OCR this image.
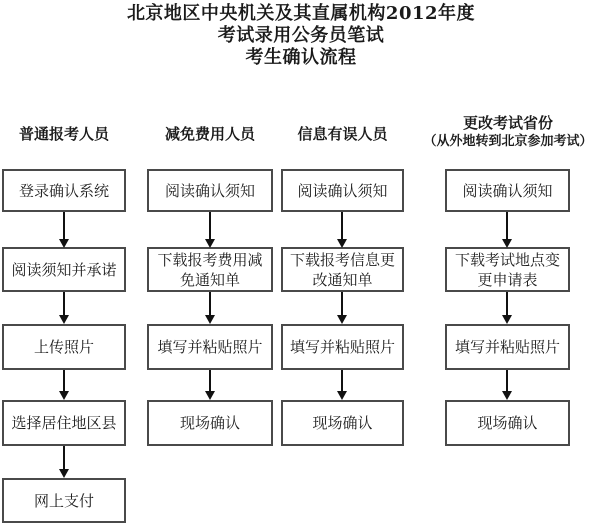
北京地区中央机关及其直属机构2012年度
考试录用公务员笔试
考生确认流程
普通报考人员	减免费用人员	信息有误人员
更改考试省份
（从外地转到北京参加考试）
登录确认系统
阅读须知并承诺
上传照片
选择居住地区县
网上支付
阅读确认须知
下载报考费用减免通知单
填写并粘贴照片
现场确认
阅读确认须知
下载报考信息更改通知单
填写并粘贴照片
现场确认
阅读确认须知
下载考试地点变更申请表
填写并粘贴照片
现场确认
